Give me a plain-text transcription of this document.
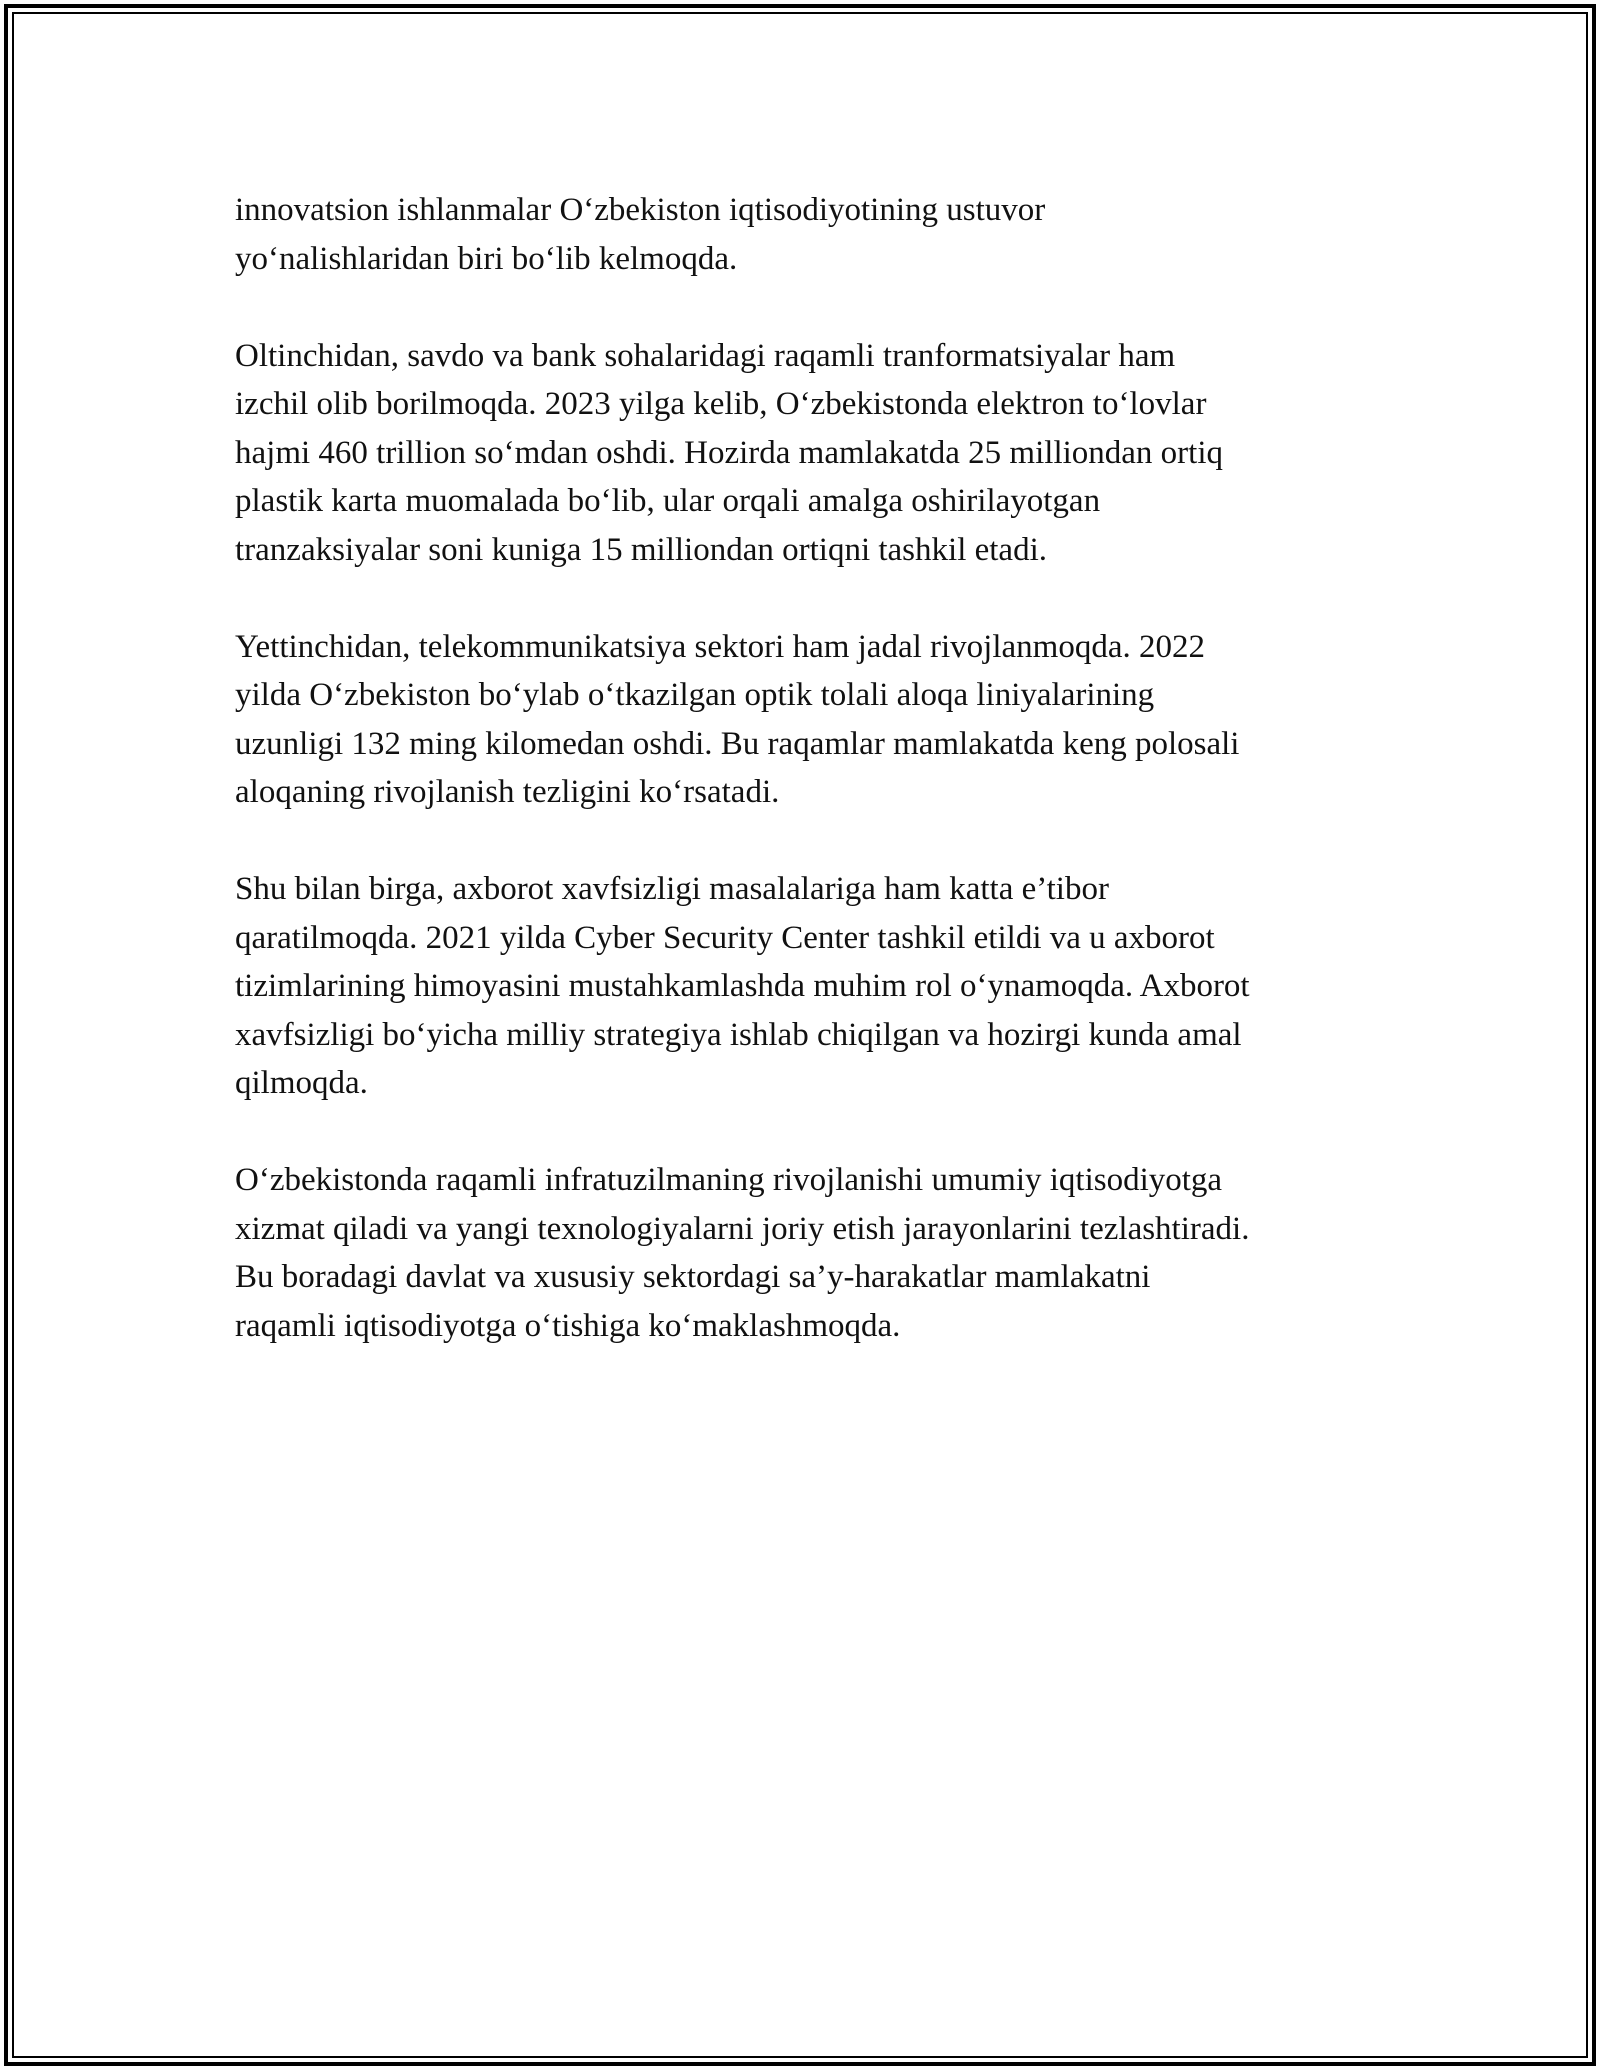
innovatsion ishlanmalar O‘zbekiston iqtisodiyotining ustuvor
yo‘nalishlaridan biri bo‘lib kelmoqda.

Oltinchidan, savdo va bank sohalaridagi raqamli tranformatsiyalar ham
izchil olib borilmoqda. 2023 yilga kelib, O‘zbekistonda elektron to‘lovlar
hajmi 460 trillion so‘mdan oshdi. Hozirda mamlakatda 25 milliondan ortiq
plastik karta muomalada bo‘lib, ular orqali amalga oshirilayotgan
tranzaksiyalar soni kuniga 15 milliondan ortiqni tashkil etadi.

Yettinchidan, telekommunikatsiya sektori ham jadal rivojlanmoqda. 2022
yilda O‘zbekiston bo‘ylab o‘tkazilgan optik tolali aloqa liniyalarining
uzunligi 132 ming kilomedan oshdi. Bu raqamlar mamlakatda keng polosali
aloqaning rivojlanish tezligini ko‘rsatadi.

Shu bilan birga, axborot xavfsizligi masalalariga ham katta e’tibor
qaratilmoqda. 2021 yilda Cyber Security Center tashkil etildi va u axborot
tizimlarining himoyasini mustahkamlashda muhim rol o‘ynamoqda. Axborot
xavfsizligi bo‘yicha milliy strategiya ishlab chiqilgan va hozirgi kunda amal
qilmoqda.

O‘zbekistonda raqamli infratuzilmaning rivojlanishi umumiy iqtisodiyotga
xizmat qiladi va yangi texnologiyalarni joriy etish jarayonlarini tezlashtiradi.
Bu boradagi davlat va xususiy sektordagi sa’y-harakatlar mamlakatni
raqamli iqtisodiyotga o‘tishiga ko‘maklashmoqda.
